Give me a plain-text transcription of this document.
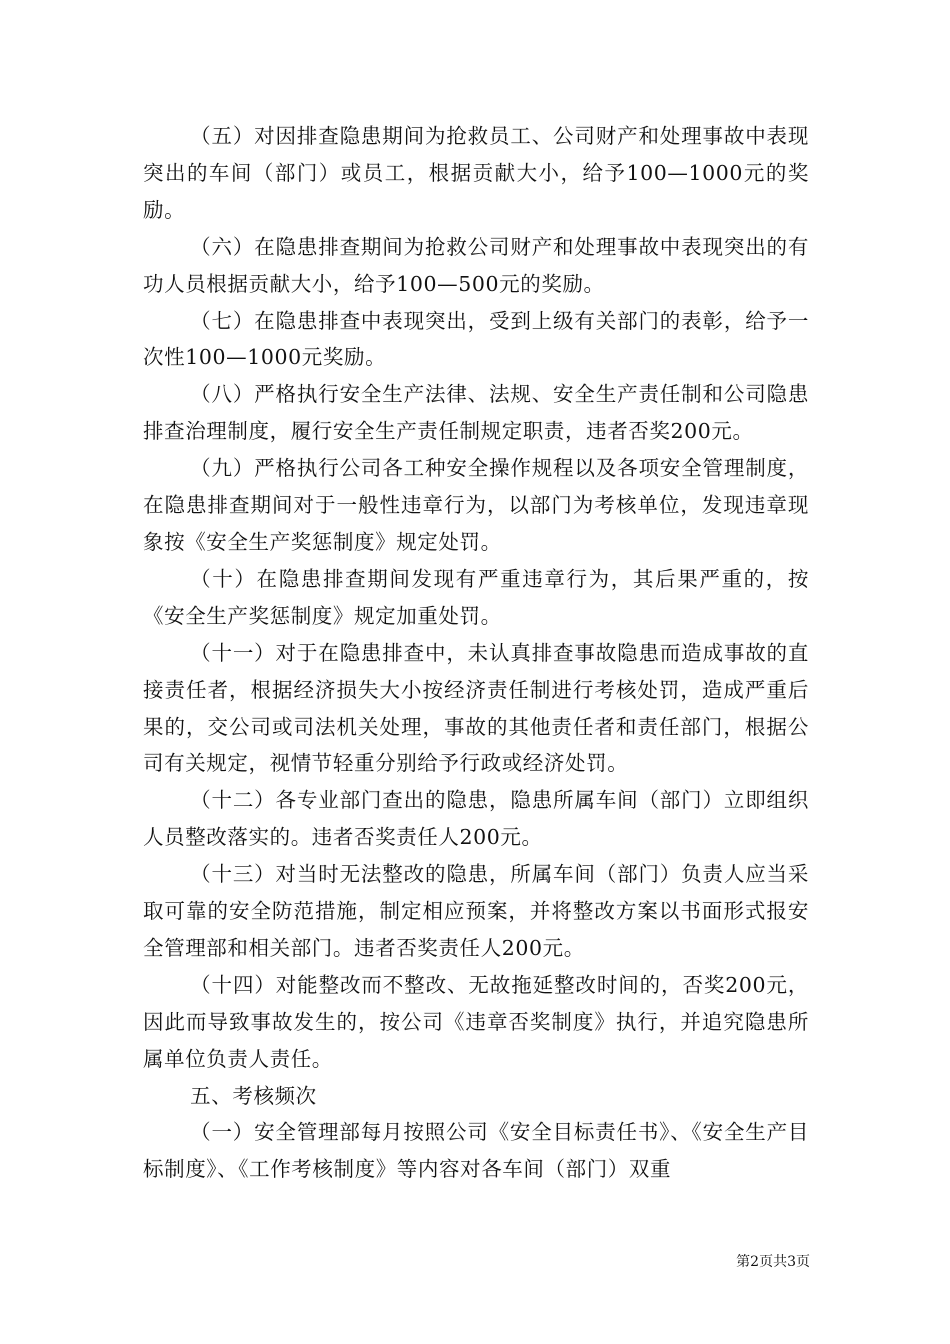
（五）对因排查隐患期间为抢救员工、公司财产和处理事故中表现突出的车间（部门）或员工，根据贡献大小，给予100—1000元的奖励。

（六）在隐患排查期间为抢救公司财产和处理事故中表现突出的有功人员根据贡献大小，给予100—500元的奖励。

（七）在隐患排查中表现突出，受到上级有关部门的表彰，给予一次性100—1000元奖励。

（八）严格执行安全生产法律、法规、安全生产责任制和公司隐患排查治理制度，履行安全生产责任制规定职责，违者否奖200元。

（九）严格执行公司各工种安全操作规程以及各项安全管理制度，在隐患排查期间对于一般性违章行为，以部门为考核单位，发现违章现象按《安全生产奖惩制度》规定处罚。

（十）在隐患排查期间发现有严重违章行为，其后果严重的，按《安全生产奖惩制度》规定加重处罚。

（十一）对于在隐患排查中，未认真排查事故隐患而造成事故的直接责任者，根据经济损失大小按经济责任制进行考核处罚，造成严重后果的，交公司或司法机关处理，事故的其他责任者和责任部门，根据公司有关规定，视情节轻重分别给予行政或经济处罚。

（十二）各专业部门查出的隐患，隐患所属车间（部门）立即组织人员整改落实的。违者否奖责任人200元。

（十三）对当时无法整改的隐患，所属车间（部门）负责人应当采取可靠的安全防范措施，制定相应预案，并将整改方案以书面形式报安全管理部和相关部门。违者否奖责任人200元。

（十四）对能整改而不整改、无故拖延整改时间的，否奖200元，因此而导致事故发生的，按公司《违章否奖制度》执行，并追究隐患所属单位负责人责任。

五、考核频次

（一）安全管理部每月按照公司《安全目标责任书》、《安全生产目标制度》、《工作考核制度》等内容对各车间（部门）双重

第2页共3页
